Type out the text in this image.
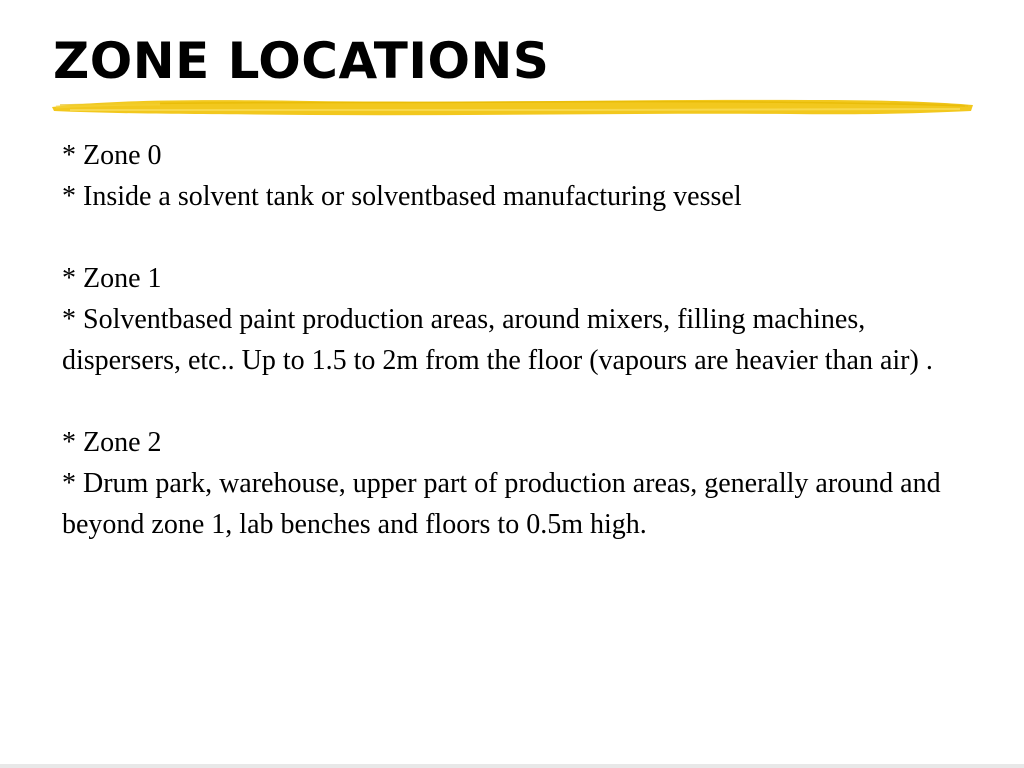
ZONE LOCATIONS

* Zone 0

* Inside a solvent tank or solventbased manufacturing vessel

* Zone 1

* Solventbased paint production areas, around mixers, filling machines, dispersers, etc.. Up to 1.5 to 2m from the floor (vapours are heavier than air) .

* Zone 2

* Drum park, warehouse, upper part of production areas, generally around and beyond zone 1, lab benches and floors to 0.5m high.
